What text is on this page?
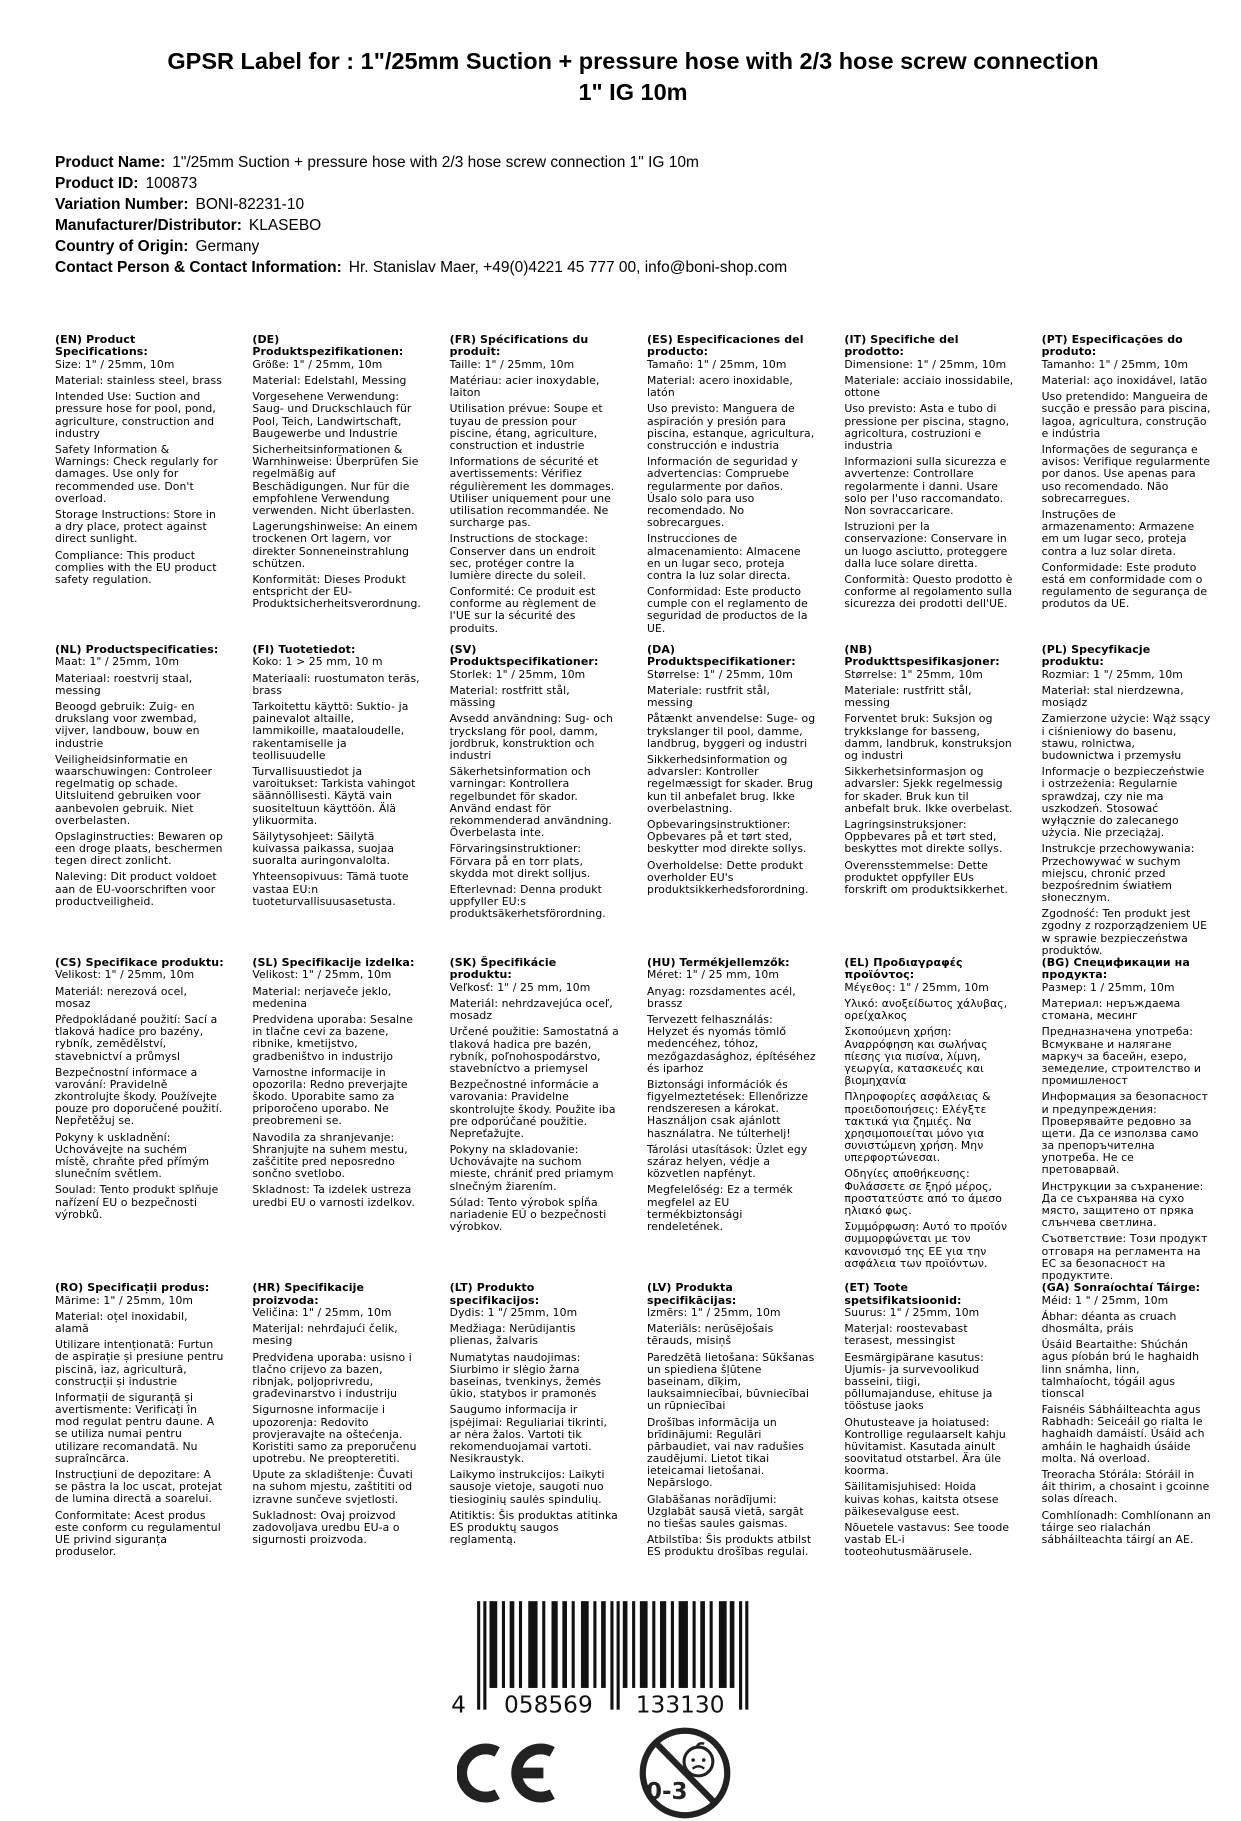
GPSR Label for : 1"/25mm Suction + pressure hose with 2/3 hose screw connection 1" IG 10m
Product Name: 1"/25mm Suction + pressure hose with 2/3 hose screw connection 1" IG 10m
Product ID: 100873
Variation Number: BONI-82231-10
Manufacturer/Distributor: KLASEBO
Country of Origin: Germany
Contact Person & Contact Information: Hr. Stanislav Maer, +49(0)4221 45 777 00, info@boni-shop.com
(EN) Product Specifications:

Size: 1" / 25mm, 10m

Material: stainless steel, brass

Intended Use: Suction and pressure hose for pool, pond, agriculture, construction and industry

Safety Information & Warnings: Check regularly for damages. Use only for recommended use. Don't overload.

Storage Instructions: Store in a dry place, protect against direct sunlight.

Compliance: This product complies with the EU product safety regulation.

(DE) Produktspezifikationen:

Größe: 1" / 25mm, 10m

Material: Edelstahl, Messing

Vorgesehene Verwendung: Saug- und Druckschlauch für Pool, Teich, Landwirtschaft, Baugewerbe und Industrie

Sicherheitsinformationen & Warnhinweise: Überprüfen Sie regelmäßig auf Beschädigungen. Nur für die empfohlene Verwendung verwenden. Nicht überlasten.

Lagerungshinweise: An einem trockenen Ort lagern, vor direkter Sonneneinstrahlung schützen.

Konformität: Dieses Produkt entspricht der EU-Produktsicherheitsverordnung.

(FR) Spécifications du produit:

Taille: 1" / 25mm, 10m

Matériau: acier inoxydable, laiton

Utilisation prévue: Soupe et tuyau de pression pour piscine, étang, agriculture, construction et industrie

Informations de sécurité et avertissements: Vérifiez régulièrement les dommages. Utiliser uniquement pour une utilisation recommandée. Ne surcharge pas.

Instructions de stockage: Conserver dans un endroit sec, protéger contre la lumière directe du soleil.

Conformité: Ce produit est conforme au règlement de l'UE sur la sécurité des produits.

(ES) Especificaciones del producto:

Tamaño: 1" / 25mm, 10m

Material: acero inoxidable, latón

Uso previsto: Manguera de aspiración y presión para piscina, estanque, agricultura, construcción e industria

Información de seguridad y advertencias: Compruebe regularmente por daños. Úsalo solo para uso recomendado. No sobrecargues.

Instrucciones de almacenamiento: Almacene en un lugar seco, proteja contra la luz solar directa.

Conformidad: Este producto cumple con el reglamento de seguridad de productos de la UE.

(IT) Specifiche del prodotto:

Dimensione: 1" / 25mm, 10m

Materiale: acciaio inossidabile, ottone

Uso previsto: Asta e tubo di pressione per piscina, stagno, agricoltura, costruzioni e industria

Informazioni sulla sicurezza e avvertenze: Controllare regolarmente i danni. Usare solo per l'uso raccomandato. Non sovraccaricare.

Istruzioni per la conservazione: Conservare in un luogo asciutto, proteggere dalla luce solare diretta.

Conformità: Questo prodotto è conforme al regolamento sulla sicurezza dei prodotti dell'UE.

(PT) Especificações do produto:

Tamanho: 1" / 25mm, 10m

Material: aço inoxidável, latão

Uso pretendido: Mangueira de sucção e pressão para piscina, lagoa, agricultura, construção e indústria

Informações de segurança e avisos: Verifique regularmente por danos. Use apenas para uso recomendado. Não sobrecarregues.

Instruções de armazenamento: Armazene em um lugar seco, proteja contra a luz solar direta.

Conformidade: Este produto está em conformidade com o regulamento de segurança de produtos da UE.

(NL) Productspecificaties:

Maat: 1" / 25mm, 10m

Materiaal: roestvrij staal, messing

Beoogd gebruik: Zuig- en drukslang voor zwembad, vijver, landbouw, bouw en industrie

Veiligheidsinformatie en waarschuwingen: Controleer regelmatig op schade. Uitsluitend gebruiken voor aanbevolen gebruik. Niet overbelasten.

Opslaginstructies: Bewaren op een droge plaats, beschermen tegen direct zonlicht.

Naleving: Dit product voldoet aan de EU-voorschriften voor productveiligheid.

(FI) Tuotetiedot:

Koko: 1 > 25 mm, 10 m

Materiaali: ruostumaton teräs, brass

Tarkoitettu käyttö: Suktio- ja painevalot altaille, lammikoille, maataloudelle, rakentamiselle ja teollisuudelle

Turvallisuustiedot ja varoitukset: Tarkista vahingot säännöllisesti. Käytä vain suositeltuun käyttöön. Älä ylikuormita.

Säilytysohjeet: Säilytä kuivassa paikassa, suojaa suoralta auringonvalolta.

Yhteensopivuus: Tämä tuote vastaa EU:n tuoteturvallisuusasetusta.

(SV) Produktspecifikationer:

Storlek: 1" / 25mm, 10m

Material: rostfritt stål, mässing

Avsedd användning: Sug- och tryckslang för pool, damm, jordbruk, konstruktion och industri

Säkerhetsinformation och varningar: Kontrollera regelbundet för skador. Använd endast för rekommenderad användning. Överbelasta inte.

Förvaringsinstruktioner: Förvara på en torr plats, skydda mot direkt solljus.

Efterlevnad: Denna produkt uppfyller EU:s produktsäkerhetsförordning.

(DA) Produktspecifikationer:

Størrelse: 1" / 25mm, 10m

Materiale: rustfrit stål, messing

Påtænkt anvendelse: Suge- og trykslanger til pool, damme, landbrug, byggeri og industri

Sikkerhedsinformation og advarsler: Kontroller regelmæssigt for skader. Brug kun til anbefalet brug. Ikke overbelastning.

Opbevaringsinstruktioner: Opbevares på et tørt sted, beskytter mod direkte sollys.

Overholdelse: Dette produkt overholder EU's produktsikkerhedsforordning.

(NB) Produkttspesifikasjoner:

Størrelse: 1" 25mm, 10m

Materiale: rustfritt stål, messing

Forventet bruk: Suksjon og trykkslange for basseng, damm, landbruk, konstruksjon og industri

Sikkerhetsinformasjon og advarsler: Sjekk regelmessig for skader. Bruk kun til anbefalt bruk. Ikke overbelast.

Lagringsinstruksjoner: Oppbevares på et tørt sted, beskyttes mot direkte sollys.

Overensstemmelse: Dette produktet oppfyller EUs forskrift om produktsikkerhet.

(PL) Specyfikacje produktu:

Rozmiar: 1 "/ 25mm, 10m

Materiał: stal nierdzewna, mosiądz

Zamierzone użycie: Wąż ssący i ciśnieniowy do basenu, stawu, rolnictwa, budownictwa i przemysłu

Informacje o bezpieczeństwie i ostrzeżenia: Regularnie sprawdzaj, czy nie ma uszkodzeń. Stosować wyłącznie do zalecanego użycia. Nie przeciążaj.

Instrukcje przechowywania: Przechowywać w suchym miejscu, chronić przed bezpośrednim światłem słonecznym.

Zgodność: Ten produkt jest zgodny z rozporządzeniem UE w sprawie bezpieczeństwa produktów.

(CS) Specifikace produktu:

Velikost: 1" / 25mm, 10m

Materiál: nerezová ocel, mosaz

Předpokládané použití: Sací a tlaková hadice pro bazény, rybník, zemědělství, stavebnictví a průmysl

Bezpečnostní informace a varování: Pravidelně zkontrolujte škody. Používejte pouze pro doporučené použití. Nepřetěžuj se.

Pokyny k uskladnění: Uchovávejte na suchém místě, chraňte před přímým slunečním světlem.

Soulad: Tento produkt splňuje nařízení EU o bezpečnosti výrobků.

(SL) Specifikacije izdelka:

Velikost: 1" / 25mm, 10m

Material: nerjaveče jeklo, medenina

Predvidena uporaba: Sesalne in tlačne cevi za bazene, ribnike, kmetijstvo, gradbeništvo in industrijo

Varnostne informacije in opozorila: Redno preverjajte škodo. Uporabite samo za priporočeno uporabo. Ne preobremeni se.

Navodila za shranjevanje: Shranjujte na suhem mestu, zaščitite pred neposredno sončno svetlobo.

Skladnost: Ta izdelek ustreza uredbi EU o varnosti izdelkov.

(SK) Špecifikácie produktu:

Veľkosť: 1" / 25 mm, 10m

Materiál: nehrdzavejúca oceľ, mosadz

Určené použitie: Samostatná a tlaková hadica pre bazén, rybník, poľnohospodárstvo, stavebníctvo a priemysel

Bezpečnostné informácie a varovania: Pravidelne skontrolujte škody. Použite iba pre odporúčané použitie. Nepreťažujte.

Pokyny na skladovanie: Uchovávajte na suchom mieste, chrániť pred priamym slnečným žiarením.

Súlad: Tento výrobok spĺňa nariadenie EÚ o bezpečnosti výrobkov.

(HU) Termékjellemzők:

Méret: 1" / 25 mm, 10m

Anyag: rozsdamentes acél, brassz

Tervezett felhasználás: Helyzet és nyomás tömlő medencéhez, tóhoz, mezőgazdasághoz, építéséhez és iparhoz

Biztonsági információk és figyelmeztetések: Ellenőrizze rendszeresen a károkat. Használjon csak ajánlott használatra. Ne túlterhelj!

Tárolási utasítások: Üzlet egy száraz helyen, védje a közvetlen napfényt.

Megfelelőség: Ez a termék megfelel az EU termékbiztonsági rendeletének.

(EL) Προδιαγραφές προϊόντος:

Μέγεθος: 1" / 25mm, 10m

Υλικό: ανοξείδωτος χάλυβας, ορείχαλκος

Σκοπούμενη χρήση: Αναρρόφηση και σωλήνας πίεσης για πισίνα, λίμνη, γεωργία, κατασκευές και βιομηχανία

Πληροφορίες ασφάλειας & προειδοποιήσεις: Ελέγξτε τακτικά για ζημιές. Να χρησιμοποιείται μόνο για συνιστώμενη χρήση. Μην υπερφορτώνεσαι.

Οδηγίες αποθήκευσης: Φυλάσσετε σε ξηρό μέρος, προστατεύστε από το άμεσο ηλιακό φως.

Συμμόρφωση: Αυτό το προϊόν συμμορφώνεται με τον κανονισμό της ΕΕ για την ασφάλεια των προϊόντων.

(BG) Спецификации на продукта:

Размер: 1 / 25mm, 10m

Материал: неръждаема стомана, месинг

Предназначена употреба: Всмукване и налягане маркуч за басейн, езеро, земеделие, строителство и промишленост

Информация за безопасност и предупреждения: Проверявайте редовно за щети. Да се използва само за препоръчителна употреба. Не се претоварвай.

Инструкции за съхранение: Да се съхранява на сухо място, защитено от пряка слънчева светлина.

Съответствие: Този продукт отговаря на регламента на ЕС за безопасност на продуктите.

(RO) Specificații produs:

Mărime: 1" / 25mm, 10m

Material: oțel inoxidabil, alamă

Utilizare intenționată: Furtun de aspirație și presiune pentru piscină, iaz, agricultură, construcții și industrie

Informații de siguranță și avertismente: Verificați în mod regulat pentru daune. A se utiliza numai pentru utilizare recomandată. Nu supraîncărca.

Instrucțiuni de depozitare: A se păstra la loc uscat, protejat de lumina directă a soarelui.

Conformitate: Acest produs este conform cu regulamentul UE privind siguranța produselor.

(HR) Specifikacije proizvoda:

Veličina: 1" / 25mm, 10m

Materijal: nehrđajući čelik, mesing

Predviđena uporaba: usisno i tlačno crijevo za bazen, ribnjak, poljoprivredu, građevinarstvo i industriju

Sigurnosne informacije i upozorenja: Redovito provjeravajte na oštećenja. Koristiti samo za preporučenu upotrebu. Ne preopteretiti.

Upute za skladištenje: Čuvati na suhom mjestu, zaštititi od izravne sunčeve svjetlosti.

Sukladnost: Ovaj proizvod zadovoljava uredbu EU-a o sigurnosti proizvoda.

(LT) Produkto specifikacijos:

Dydis: 1 "/ 25mm, 10m

Medžiaga: Nerūdijantis plienas, žalvaris

Numatytas naudojimas: Siurbimo ir slėgio žarna baseinas, tvenkinys, žemės ūkio, statybos ir pramonės

Saugumo informacija ir įspėjimai: Reguliariai tikrinti, ar nėra žalos. Vartoti tik rekomenduojamai vartoti. Nesikraustyk.

Laikymo instrukcijos: Laikyti sausoje vietoje, saugoti nuo tiesioginių saulės spindulių.

Atitiktis: Šis produktas atitinka ES produktų saugos reglamentą.

(LV) Produkta specifikācijas:

Izmērs: 1" / 25mm, 10m

Materiāls: nerūsējošais tērauds, misiņš

Paredzētā lietošana: Sūkšanas un spiediena šļūtene baseinam, dīķim, lauksaimniecībai, būvniecībai un rūpniecībai

Drošības informācija un brīdinājumi: Regulāri pārbaudiet, vai nav radušies zaudējumi. Lietot tikai ieteicamai lietošanai. Nepārslogo.

Glabāšanas norādījumi: Uzglabāt sausā vietā, sargāt no tiešas saules gaismas.

Atbilstība: Šis produkts atbilst ES produktu drošības regulai.

(ET) Toote spetsifikatsioonid:

Suurus: 1" / 25mm, 10m

Materjal: roostevabast terasest, messingist

Eesmärgipärane kasutus: Ujumis- ja survevoolikud basseini, tiigi, põllumajanduse, ehituse ja tööstuse jaoks

Ohutusteave ja hoiatused: Kontrollige regulaarselt kahju hüvitamist. Kasutada ainult soovitatud otstarbel. Ära üle koorma.

Säilitamisjuhised: Hoida kuivas kohas, kaitsta otsese päikesevalguse eest.

Nõuetele vastavus: See toode vastab EL-i tooteohutusmäärusele.

(GA) Sonraíochtaí Táirge:

Méid: 1 " / 25mm, 10m

Ábhar: déanta as cruach dhosmálta, práis

Úsáid Beartaithe: Shúchán agus píobán brú le haghaidh linn snámha, linn, talmhaíocht, tógáil agus tionscal

Faisnéis Sábháilteachta agus Rabhadh: Seiceáil go rialta le haghaidh damáistí. Úsáid ach amháin le haghaidh úsáide molta. Ná overload.

Treoracha Stórála: Stóráil in áit thirim, a chosaint i gcoinne solas díreach.

Comhlíonadh: Comhlíonann an táirge seo rialachán sábháilteachta táirgí an AE.

4	058569	133130
0-3
